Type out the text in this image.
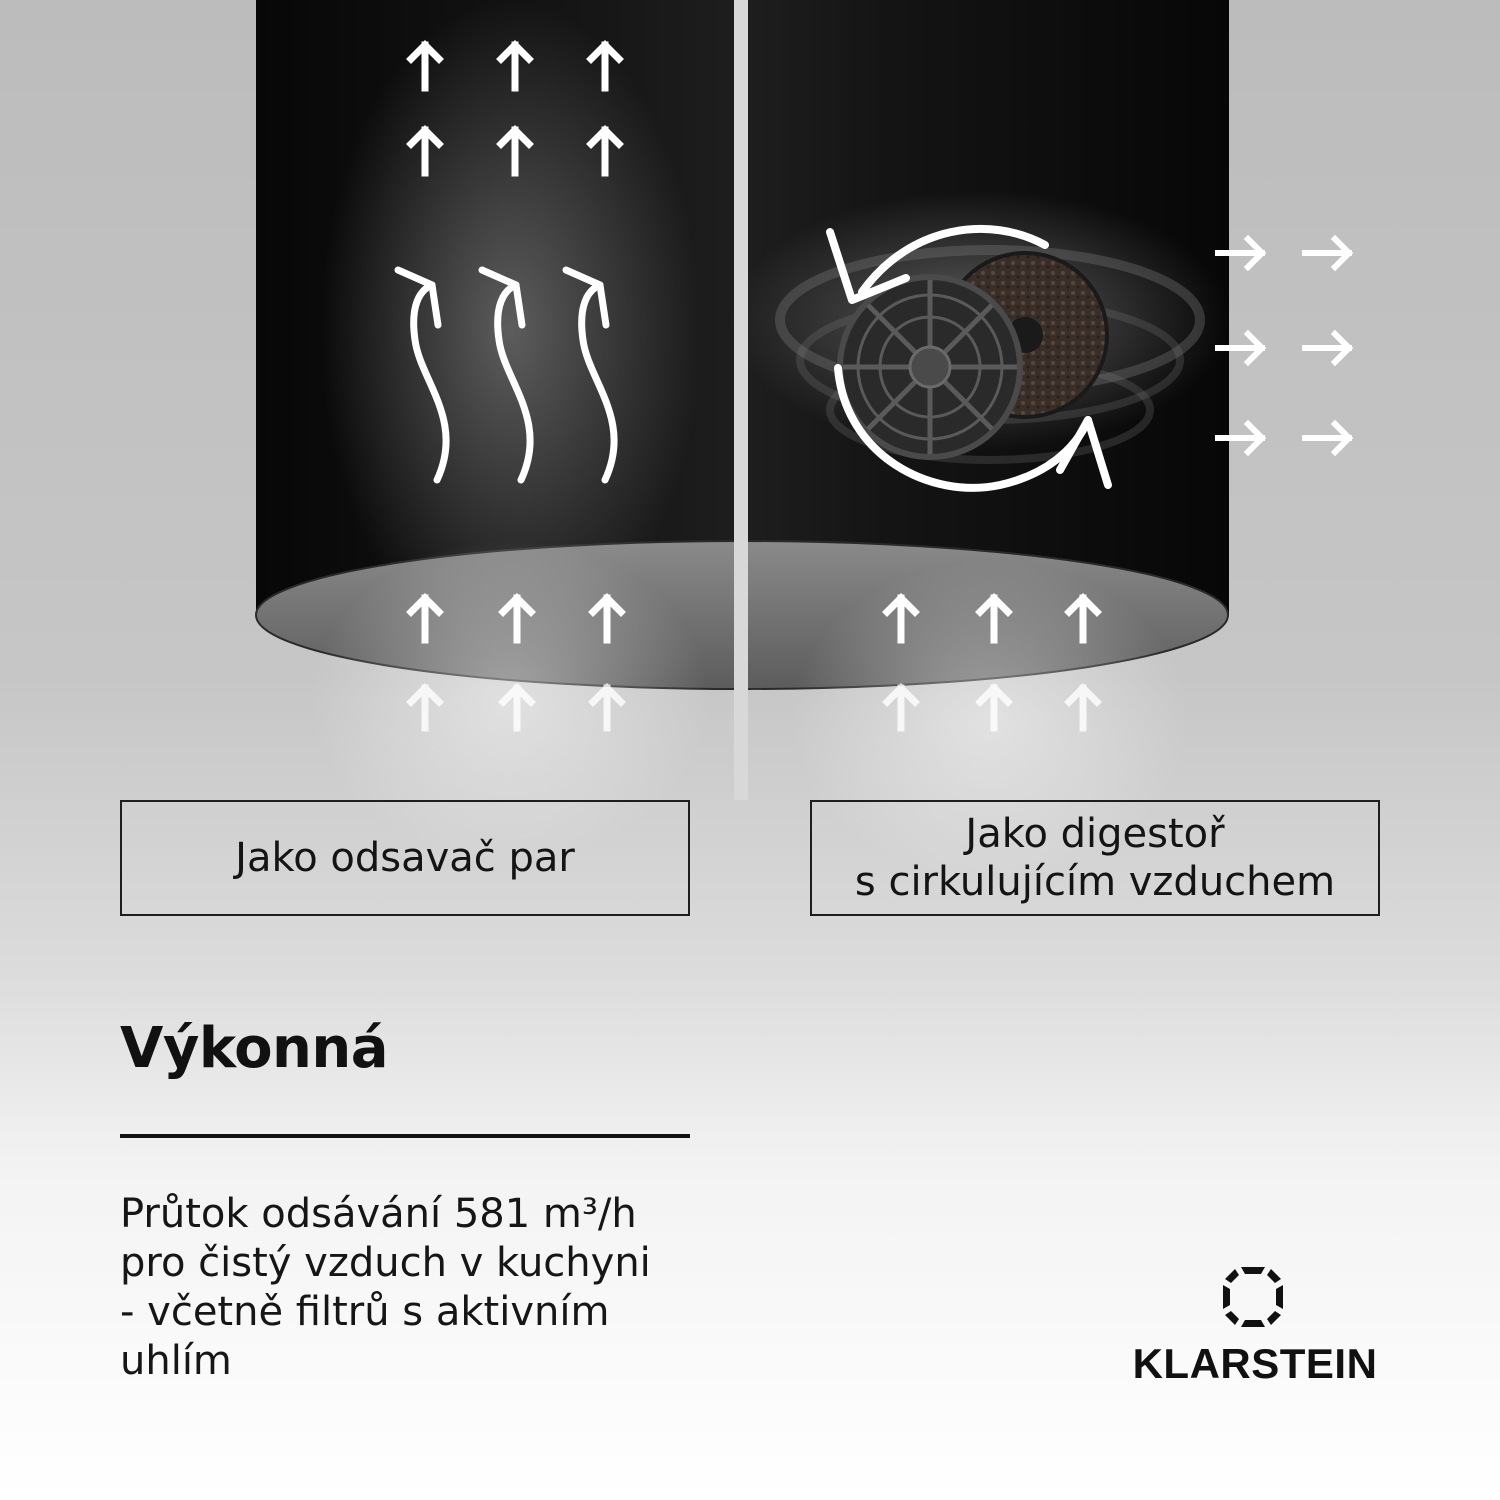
Jako odsavač par
Jako digestoř
s cirkulujícím vzduchem
Výkonná
Průtok odsávání 581 m³/h
pro čistý vzduch v kuchyni
- včetně filtrů s aktivním
uhlím	KLARSTEIN
